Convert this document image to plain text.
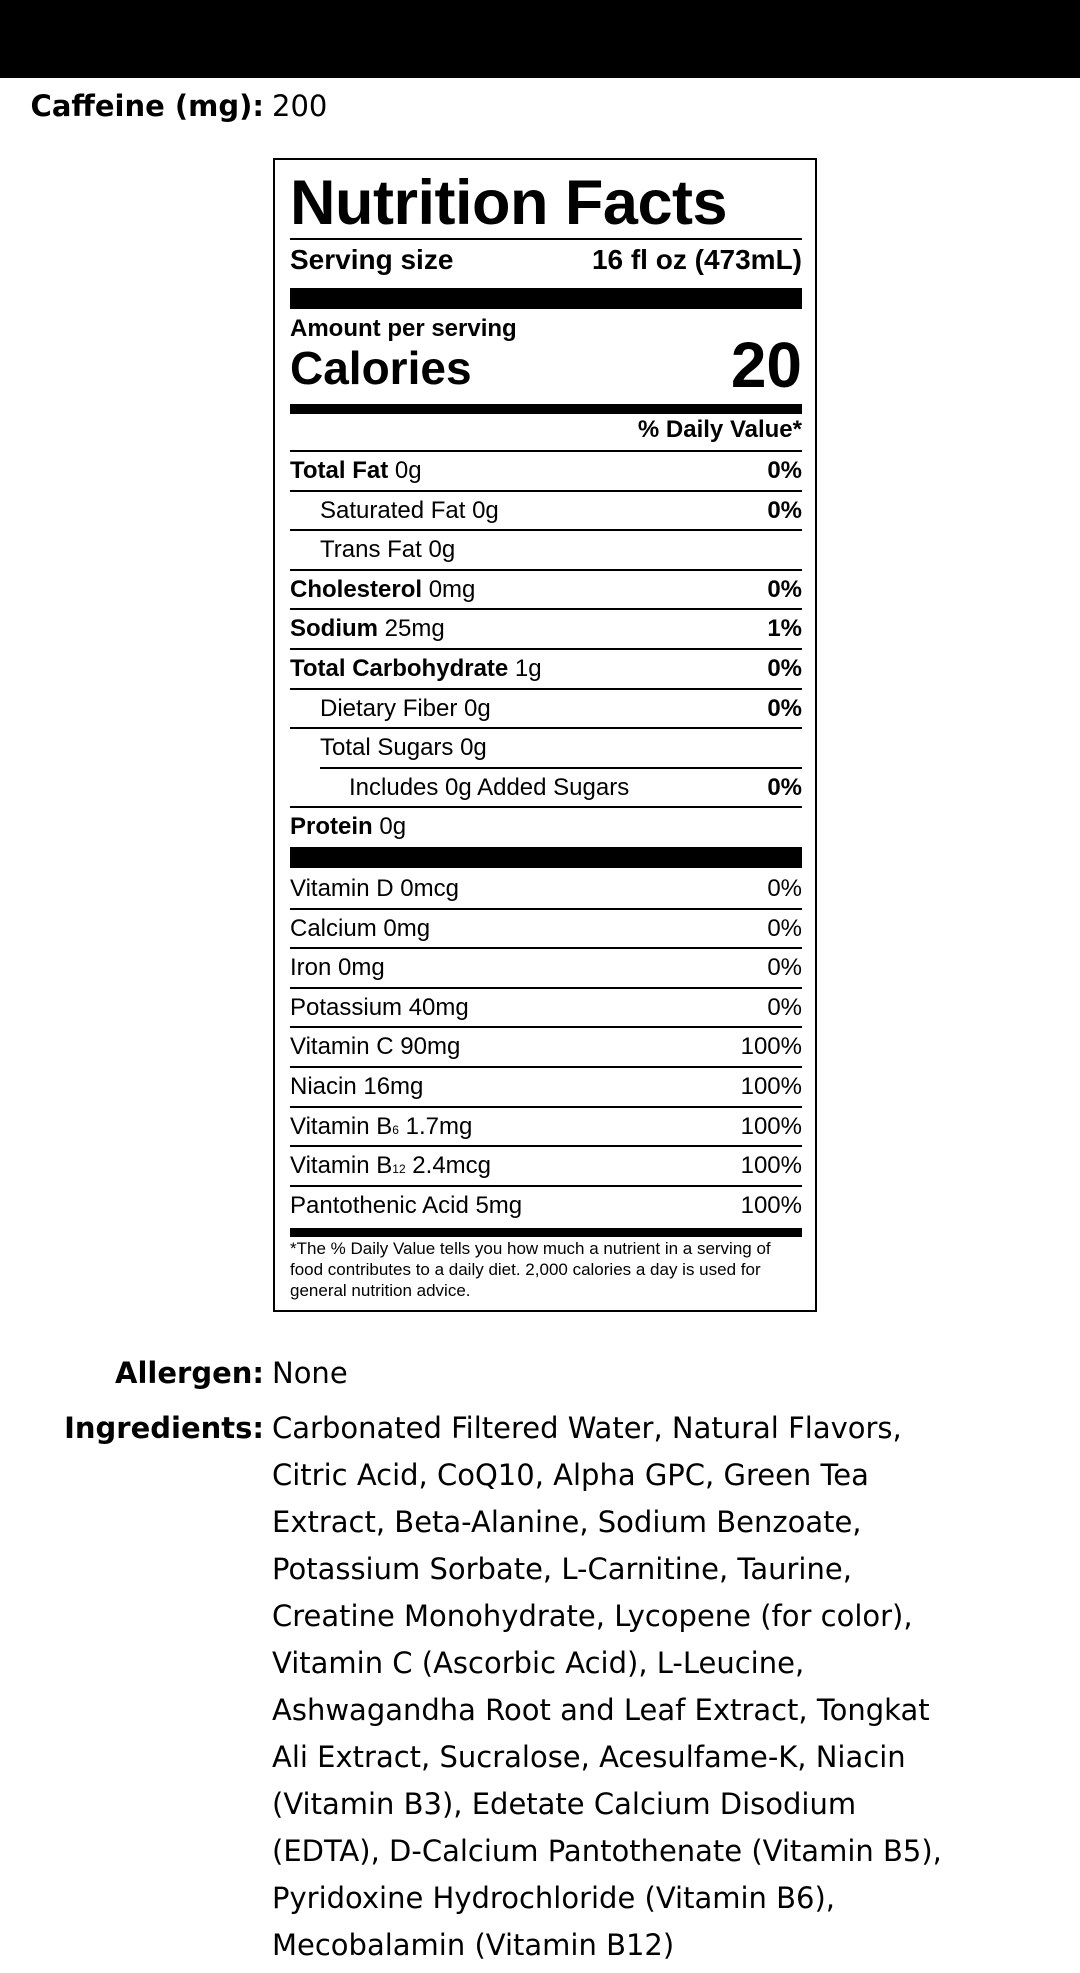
Caffeine (mg): 200
Nutrition Facts
Serving size	16 fl oz (473mL)
Amount per serving
Calories	20
% Daily Value*
Total Fat 0g	0%
Saturated Fat 0g	0%
Trans Fat 0g
Cholesterol 0mg	0%
Sodium 25mg	1%
Total Carbohydrate 1g	0%
Dietary Fiber 0g	0%
Total Sugars 0g
Includes 0g Added Sugars	0%
Protein 0g
Vitamin D 0mcg	0%
Calcium 0mg	0%
Iron 0mg	0%
Potassium 40mg	0%
Vitamin C 90mg	100%
Niacin 16mg	100%
Vitamin B6 1.7mg	100%
Vitamin B12 2.4mcg	100%
Pantothenic Acid 5mg	100%
*The % Daily Value tells you how much a nutrient in a serving of food contributes to a daily diet. 2,000 calories a day is used for general nutrition advice.
Allergen: None
Ingredients: Carbonated Filtered Water, Natural Flavors,
Citric Acid, CoQ10, Alpha GPC, Green Tea
Extract, Beta-Alanine, Sodium Benzoate,
Potassium Sorbate, L-Carnitine, Taurine,
Creatine Monohydrate, Lycopene (for color),
Vitamin C (Ascorbic Acid), L-Leucine,
Ashwagandha Root and Leaf Extract, Tongkat
Ali Extract, Sucralose, Acesulfame-K, Niacin
(Vitamin B3), Edetate Calcium Disodium
(EDTA), D-Calcium Pantothenate (Vitamin B5),
Pyridoxine Hydrochloride (Vitamin B6),
Mecobalamin (Vitamin B12)
